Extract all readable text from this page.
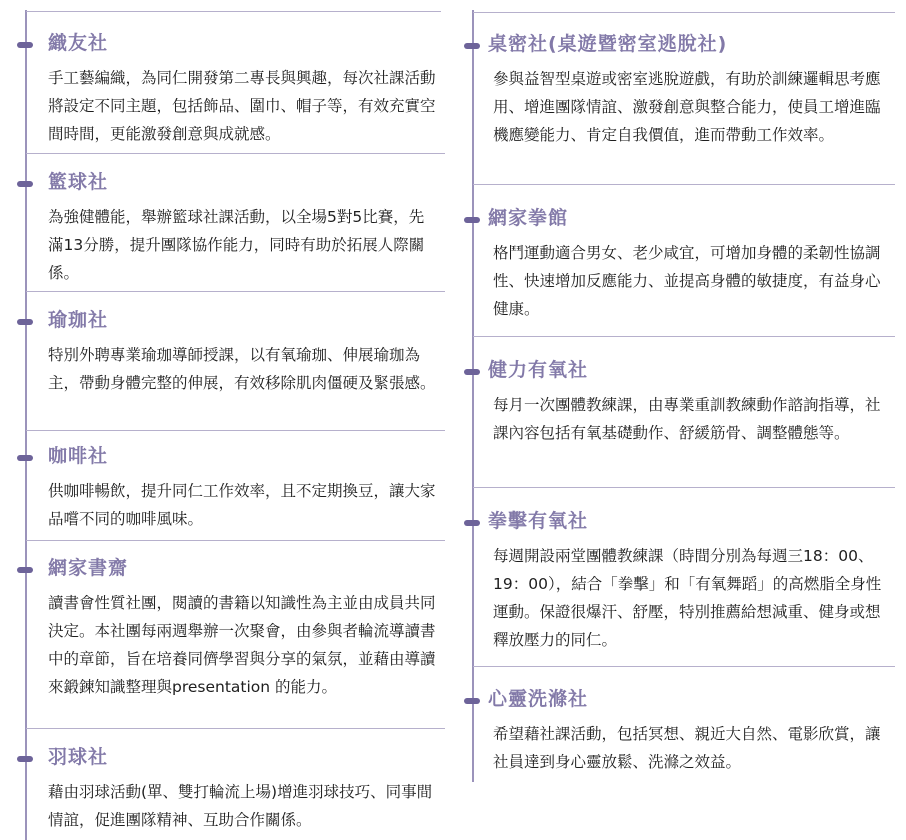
織友社

手工藝編織，為同仁開發第二專長與興趣，每次社課活動將設定不同主題，包括飾品、圍巾、帽子等，有效充實空間時間，更能激發創意與成就感。

籃球社

為強健體能，舉辦籃球社課活動，以全場5對5比賽，先滿13分勝，提升團隊協作能力，同時有助於拓展人際關係。

瑜珈社

特別外聘專業瑜珈導師授課，以有氧瑜珈、伸展瑜珈為主，帶動身體完整的伸展，有效移除肌肉僵硬及緊張感。

咖啡社

供咖啡暢飲，提升同仁工作效率，且不定期換豆，讓大家品嚐不同的咖啡風味。

網家書齋

讀書會性質社團，閱讀的書籍以知識性為主並由成員共同決定。本社團每兩週舉辦一次聚會，由參與者輪流導讀書中的章節，旨在培養同儕學習與分享的氣氛，並藉由導讀來鍛鍊知識整理與presentation 的能力。

羽球社

藉由羽球活動(單、雙打輪流上場)增進羽球技巧、同事間情誼，促進團隊精神、互助合作關係。

桌密社(桌遊暨密室逃脫社)

參與益智型桌遊或密室逃脫遊戲，有助於訓練邏輯思考應用、增進團隊情誼、激發創意與整合能力，使員工增進臨機應變能力、肯定自我價值，進而帶動工作效率。

網家拳館

格鬥運動適合男女、老少咸宜，可增加身體的柔韌性協調性、快速增加反應能力、並提高身體的敏捷度，有益身心健康。

健力有氧社

每月一次團體教練課，由專業重訓教練動作諮詢指導，社課內容包括有氧基礎動作、舒緩筋骨、調整體態等。

拳擊有氧社

每週開設兩堂團體教練課（時間分別為每週三18：00、19：00），結合「拳擊」和「有氧舞蹈」的高燃脂全身性運動。保證很爆汗、舒壓，特別推薦給想減重、健身或想釋放壓力的同仁。

心靈洗滌社

希望藉社課活動，包括冥想、親近大自然、電影欣賞，讓社員達到身心靈放鬆、洗滌之效益。
